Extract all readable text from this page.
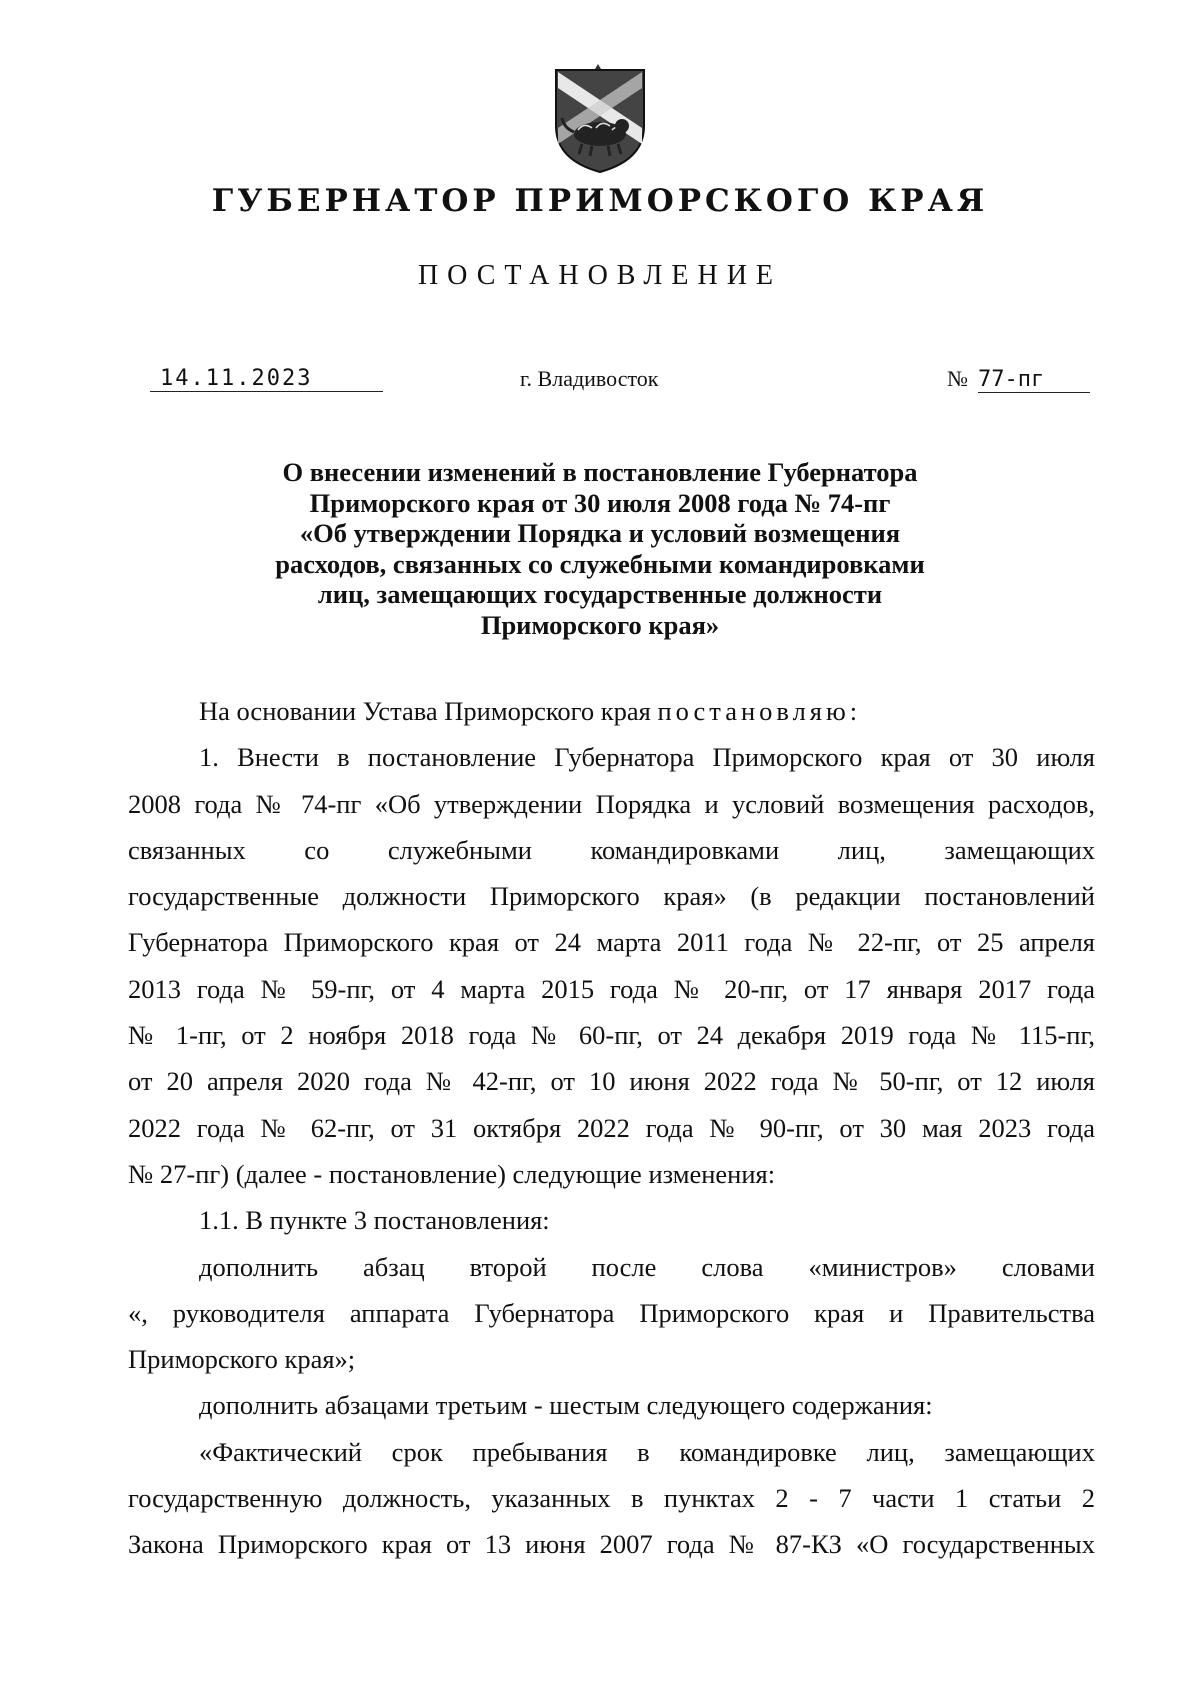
ГУБЕРНАТОР ПРИМОРСКОГО КРАЯ
ПОСТАНОВЛЕНИЕ
14.11.2023	г. Владивосток	№ 77-пг
О внесении изменений в постановление Губернатора
Приморского края от 30 июля 2008 года № 74-пг
«Об утверждении Порядка и условий возмещения
расходов, связанных со служебными командировками
лиц, замещающих государственные должности
Приморского края»
На основании Устава Приморского края постановляю:
1. Внести в постановление Губернатора Приморского края от 30 июля
2008 года № 74-пг «Об утверждении Порядка и условий возмещения расходов,
связанных со служебными командировками лиц, замещающих
государственные должности Приморского края» (в редакции постановлений
Губернатора Приморского края от 24 марта 2011 года № 22-пг, от 25 апреля
2013 года № 59-пг, от 4 марта 2015 года № 20-пг, от 17 января 2017 года
№ 1-пг, от 2 ноября 2018 года № 60-пг, от 24 декабря 2019 года № 115-пг,
от 20 апреля 2020 года № 42-пг, от 10 июня 2022 года № 50-пг, от 12 июля
2022 года № 62-пг, от 31 октября 2022 года № 90-пг, от 30 мая 2023 года
№ 27-пг) (далее - постановление) следующие изменения:
1.1. В пункте 3 постановления:
дополнить абзац второй после слова «министров» словами
«, руководителя аппарата Губернатора Приморского края и Правительства
Приморского края»;
дополнить абзацами третьим - шестым следующего содержания:
«Фактический срок пребывания в командировке лиц, замещающих
государственную должность, указанных в пунктах 2 - 7 части 1 статьи 2
Закона Приморского края от 13 июня 2007 года № 87-КЗ «О государственных
